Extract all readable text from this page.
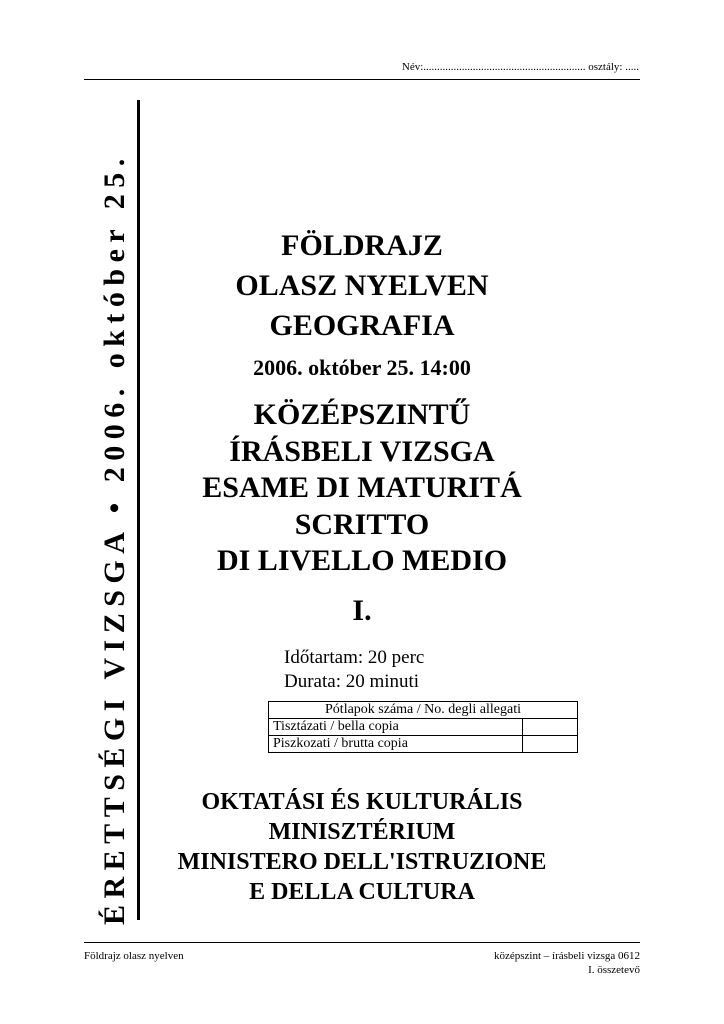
Név:........................................................... osztály: .....
ÉRETTSÉGI VIZSGA • 2006. október 25.	FÖLDRAJZ
OLASZ NYELVEN
GEOGRAFIA
2006. október 25. 14:00
KÖZÉPSZINTŰ
ÍRÁSBELI VIZSGA
ESAME DI MATURITÁ
SCRITTO
DI LIVELLO MEDIO
I.
Időtartam: 20 perc
Durata: 20 minuti
Pótlapok száma / No. degli allegati	
Tisztázati / bella copia	
Piszkozati / brutta copia	
OKTATÁSI ÉS KULTURÁLIS
MINISZTÉRIUM
MINISTERO DELL'ISTRUZIONE
E DELLA CULTURA
Földrajz olasz nyelven	középszint – írásbeli vizsga 0612
I. összetevő
